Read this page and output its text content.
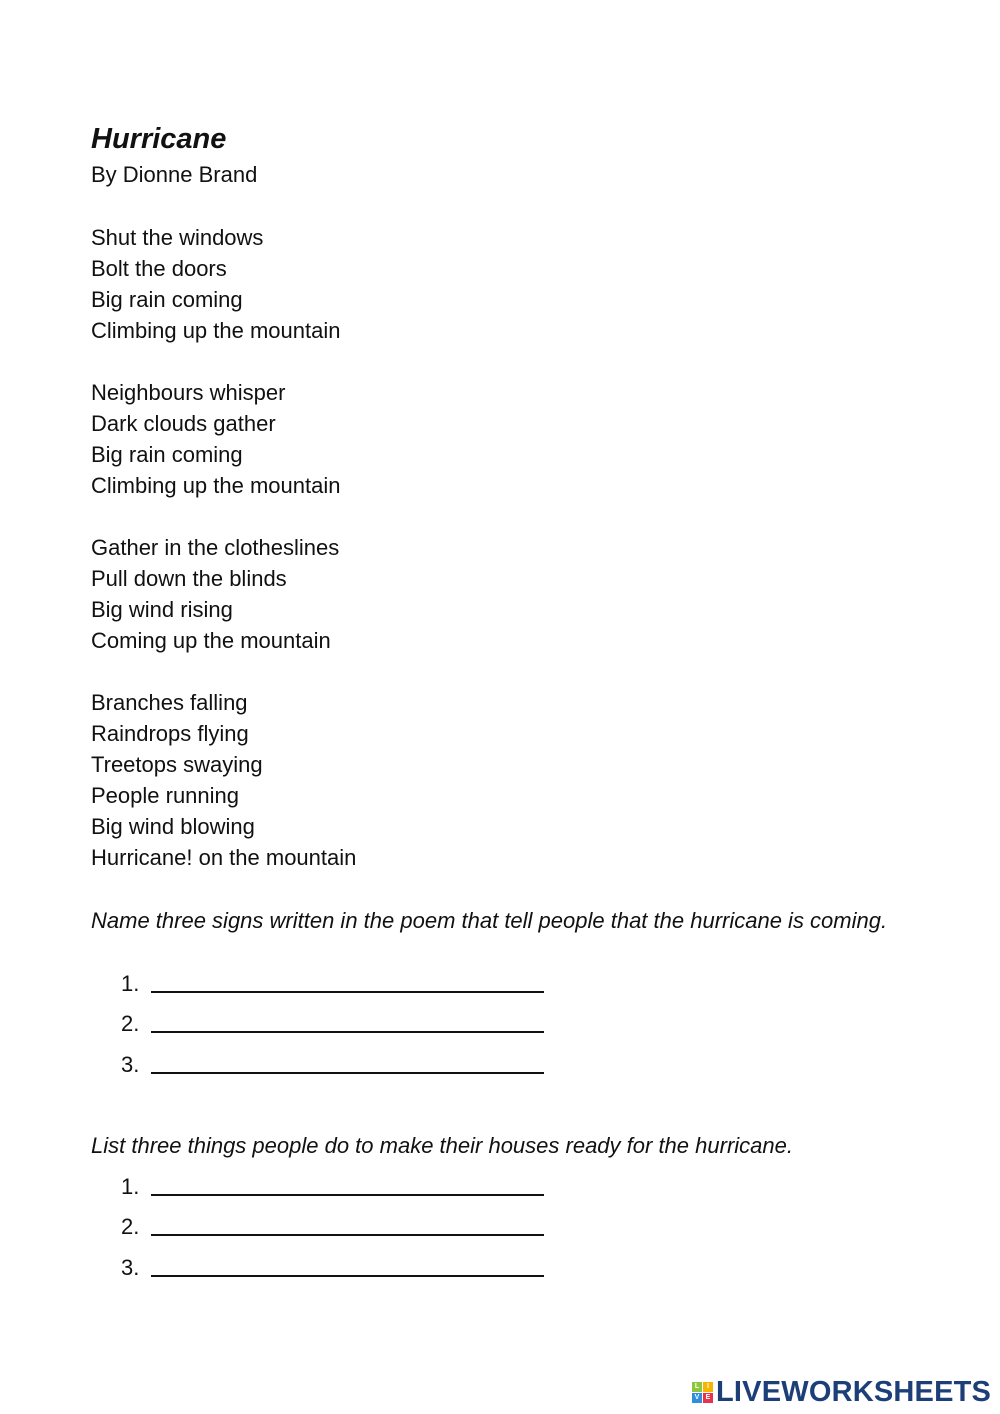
Hurricane
By Dionne Brand
Shut the windows
Bolt the doors
Big rain coming
Climbing up the mountain
Neighbours whisper
Dark clouds gather
Big rain coming
Climbing up the mountain
Gather in the clotheslines
Pull down the blinds
Big wind rising
Coming up the mountain
Branches falling
Raindrops flying
Treetops swaying
People running
Big wind blowing
Hurricane! on the mountain
Name three signs written in the poem that tell people that the hurricane is coming.
1.
2.
3.
List three things people do to make their houses ready for the hurricane.
1.
2.
3.
L	I
V E LIVEWORKSHEETS
